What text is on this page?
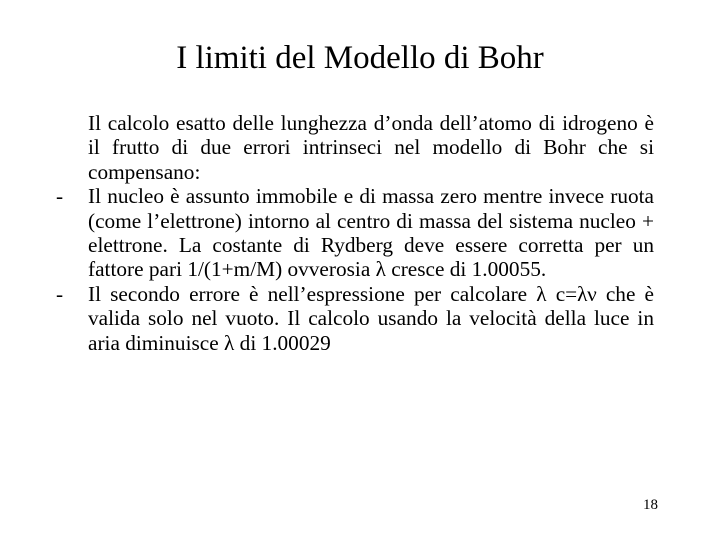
I limiti del Modello di Bohr

Il calcolo esatto delle lunghezza d’onda dell’atomo di idrogeno è il frutto di due errori intrinseci nel modello di Bohr che si compensano:

- Il nucleo è assunto immobile e di massa zero mentre invece ruota (come l’elettrone) intorno al centro di massa del sistema nucleo + elettrone. La costante di Rydberg deve essere corretta per un fattore pari 1/(1+m/M) ovverosia λ cresce di 1.00055.

- Il secondo errore è nell’espressione per calcolare λ c=λν che è valida solo nel vuoto. Il calcolo usando la velocità della luce in aria diminuisce λ di 1.00029

18
